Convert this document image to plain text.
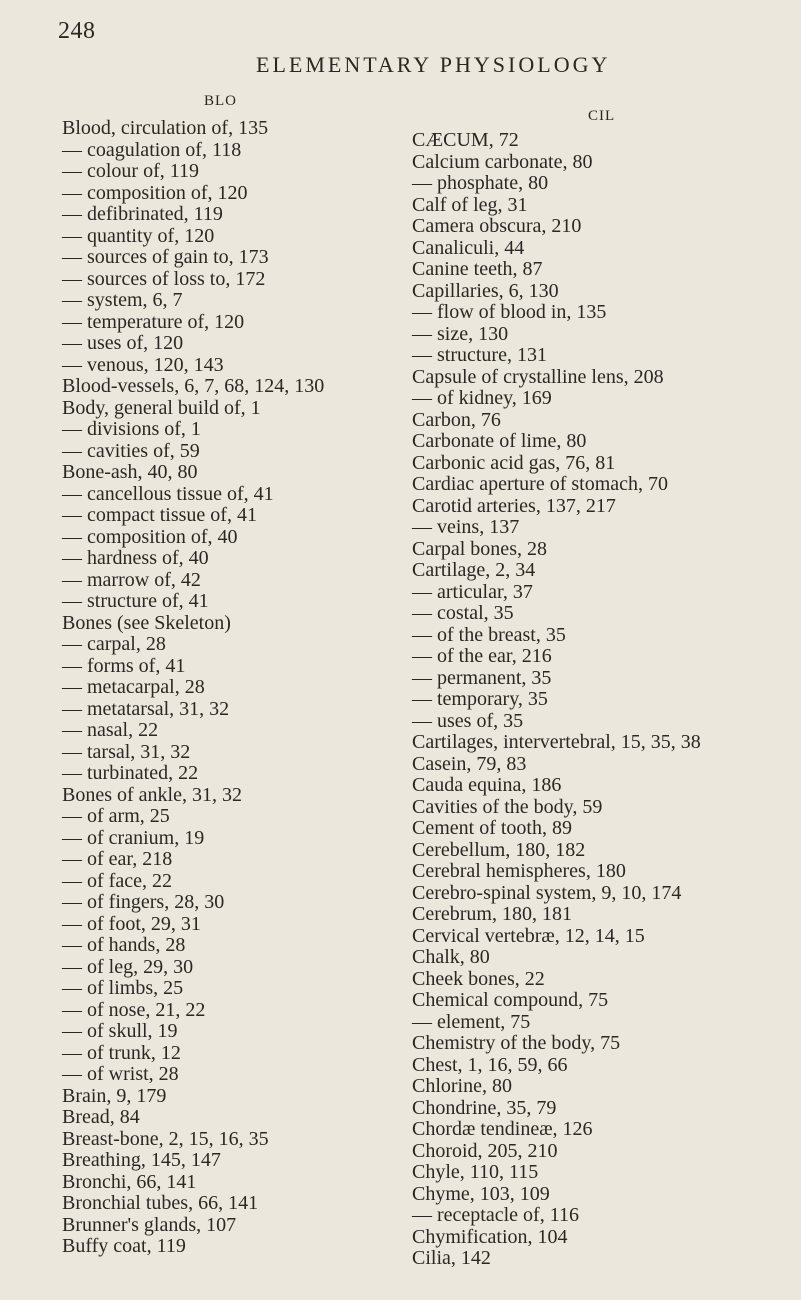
248
ELEMENTARY PHYSIOLOGY
BLO
CIL
Blood, circulation of, 135
— coagulation of, 118
— colour of, 119
— composition of, 120
— defibrinated, 119
— quantity of, 120
— sources of gain to, 173
— sources of loss to, 172
— system, 6, 7
— temperature of, 120
— uses of, 120
— venous, 120, 143
Blood-vessels, 6, 7, 68, 124, 130
Body, general build of, 1
— divisions of, 1
— cavities of, 59
Bone-ash, 40, 80
— cancellous tissue of, 41
— compact tissue of, 41
— composition of, 40
— hardness of, 40
— marrow of, 42
— structure of, 41
Bones (see Skeleton)
— carpal, 28
— forms of, 41
— metacarpal, 28
— metatarsal, 31, 32
— nasal, 22
— tarsal, 31, 32
— turbinated, 22
Bones of ankle, 31, 32
— of arm, 25
— of cranium, 19
— of ear, 218
— of face, 22
— of fingers, 28, 30
— of foot, 29, 31
— of hands, 28
— of leg, 29, 30
— of limbs, 25
— of nose, 21, 22
— of skull, 19
— of trunk, 12
— of wrist, 28
Brain, 9, 179
Bread, 84
Breast-bone, 2, 15, 16, 35
Breathing, 145, 147
Bronchi, 66, 141
Bronchial tubes, 66, 141
Brunner's glands, 107
Buffy coat, 119
CÆCUM, 72
Calcium carbonate, 80
— phosphate, 80
Calf of leg, 31
Camera obscura, 210
Canaliculi, 44
Canine teeth, 87
Capillaries, 6, 130
— flow of blood in, 135
— size, 130
— structure, 131
Capsule of crystalline lens, 208
— of kidney, 169
Carbon, 76
Carbonate of lime, 80
Carbonic acid gas, 76, 81
Cardiac aperture of stomach, 70
Carotid arteries, 137, 217
— veins, 137
Carpal bones, 28
Cartilage, 2, 34
— articular, 37
— costal, 35
— of the breast, 35
— of the ear, 216
— permanent, 35
— temporary, 35
— uses of, 35
Cartilages, intervertebral, 15, 35, 38
Casein, 79, 83
Cauda equina, 186
Cavities of the body, 59
Cement of tooth, 89
Cerebellum, 180, 182
Cerebral hemispheres, 180
Cerebro-spinal system, 9, 10, 174
Cerebrum, 180, 181
Cervical vertebræ, 12, 14, 15
Chalk, 80
Cheek bones, 22
Chemical compound, 75
— element, 75
Chemistry of the body, 75
Chest, 1, 16, 59, 66
Chlorine, 80
Chondrine, 35, 79
Chordæ tendineæ, 126
Choroid, 205, 210
Chyle, 110, 115
Chyme, 103, 109
— receptacle of, 116
Chymification, 104
Cilia, 142
